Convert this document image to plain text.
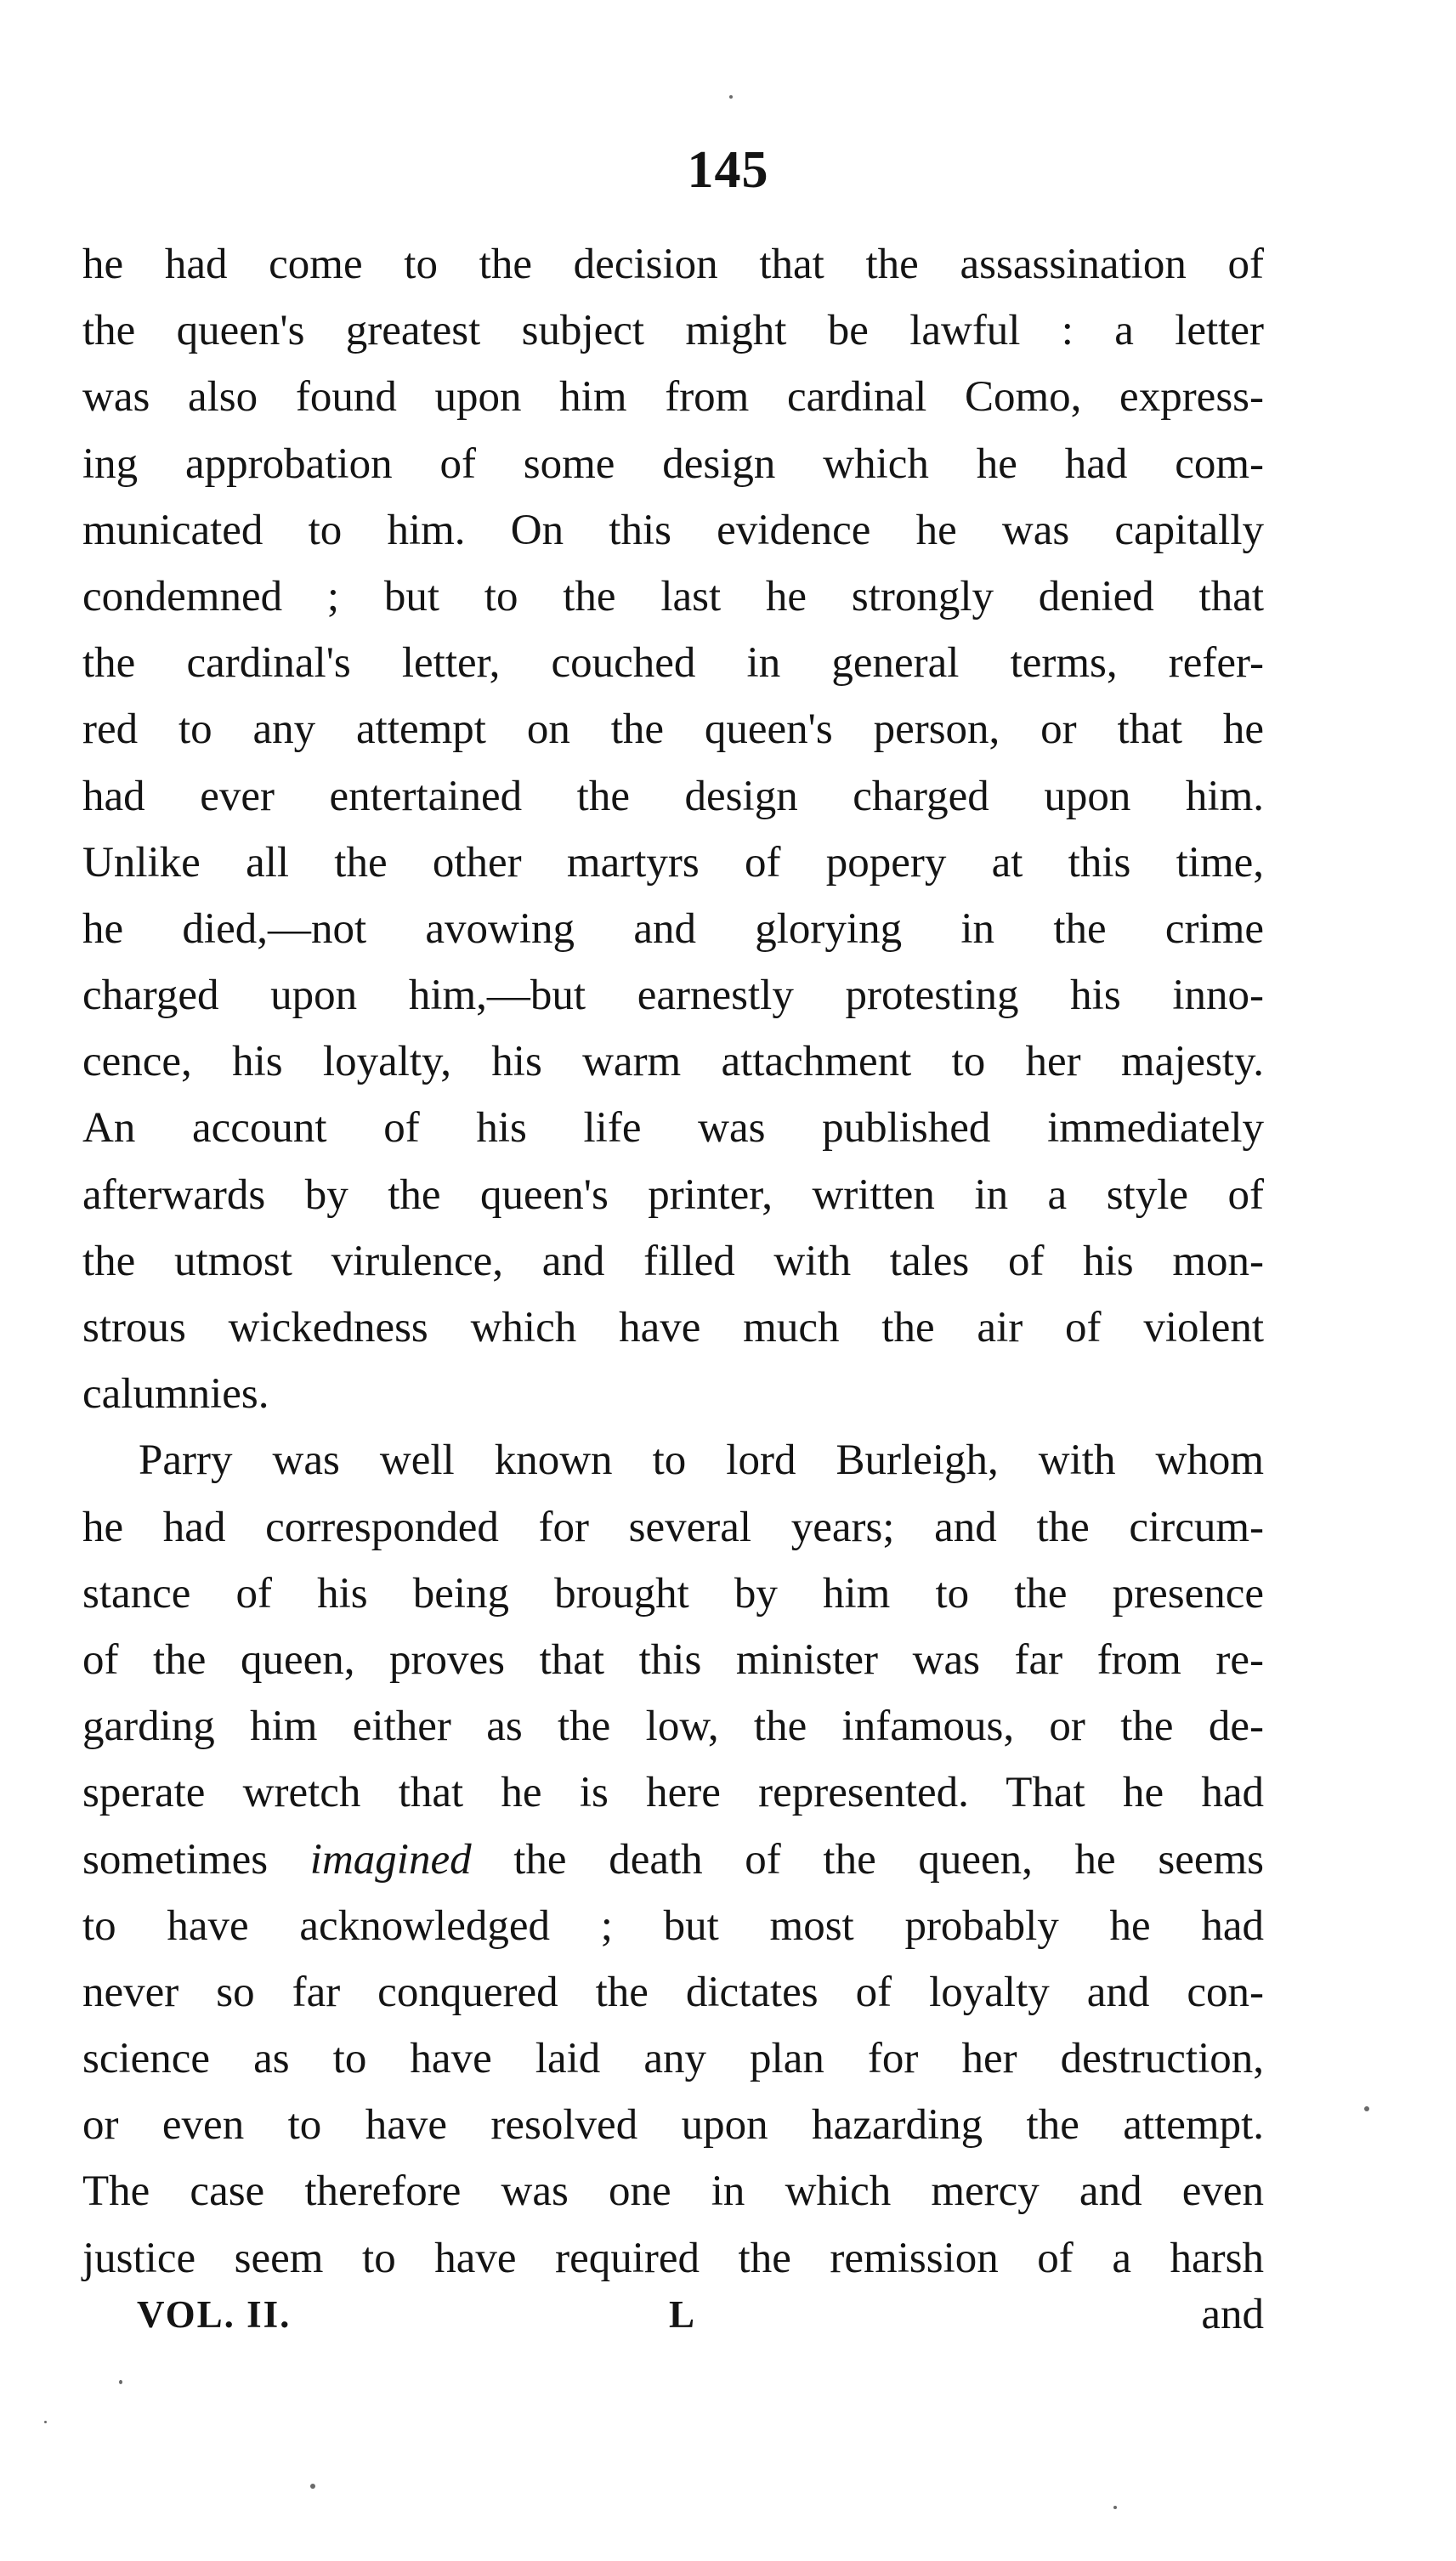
145
he had come to the decision that the assassination of
the queen's greatest subject might be lawful : a letter
was also found upon him from cardinal Como, express-
ing approbation of some design which he had com-
municated to him. On this evidence he was capitally
condemned ; but to the last he strongly denied that
the cardinal's letter, couched in general terms, refer-
red to any attempt on the queen's person, or that he
had ever entertained the design charged upon him.
Unlike all the other martyrs of popery at this time,
he died,—not avowing and glorying in the crime
charged upon him,—but earnestly protesting his inno-
cence, his loyalty, his warm attachment to her majesty.
An account of his life was published immediately
afterwards by the queen's printer, written in a style of
the utmost virulence, and filled with tales of his mon-
strous wickedness which have much the air of violent
calumnies.
Parry was well known to lord Burleigh, with whom
he had corresponded for several years; and the circum-
stance of his being brought by him to the presence
of the queen, proves that this minister was far from re-
garding him either as the low, the infamous, or the de-
sperate wretch that he is here represented. That he had
sometimes imagined the death of the queen, he seems
to have acknowledged ; but most probably he had
never so far conquered the dictates of loyalty and con-
science as to have laid any plan for her destruction,
or even to have resolved upon hazarding the attempt.
The case therefore was one in which mercy and even
justice seem to have required the remission of a harsh
VOL. II.	L	and
